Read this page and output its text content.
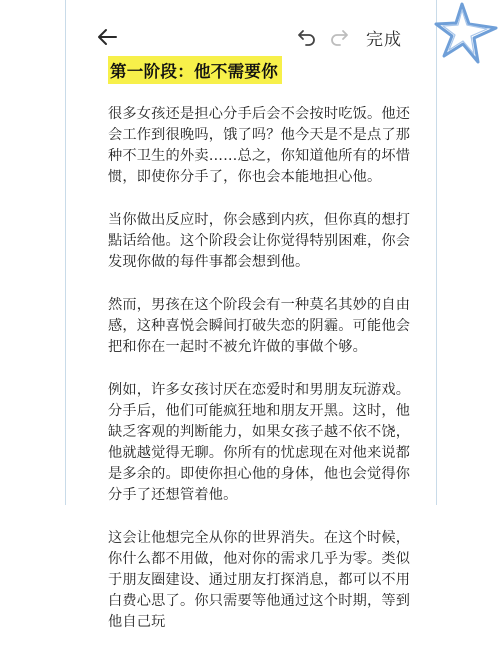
完成
第一阶段：他不需要你

很多女孩还是担心分手后会不会按时吃饭。他还会工作到很晚吗，饿了吗？他今天是不是点了那种不卫生的外卖……总之，你知道他所有的坏惜惯，即使你分手了，你也会本能地担心他。

当你做出反应时，你会感到内疚，但你真的想打點话给他。这个阶段会让你觉得特别困难，你会发现你做的每件事都会想到他。

然而，男孩在这个阶段会有一种莫名其妙的自由感，这种喜悦会瞬间打破失恋的阴霾。可能他会把和你在一起时不被允许做的事做个够。

例如，许多女孩讨厌在恋爱时和男朋友玩游戏。分手后，他们可能疯狂地和朋友开黑。这时，他缺乏客观的判断能力，如果女孩子越不依不饶，他就越觉得无聊。你所有的忧虑现在对他来说都是多余的。即使你担心他的身体，他也会觉得你分手了还想管着他。

这会让他想完全从你的世界消失。在这个时候，你什么都不用做，他对你的需求几乎为零。类似于朋友圈建设、通过朋友打探消息，都可以不用白费心思了。你只需要等他通过这个时期，等到他自己玩
